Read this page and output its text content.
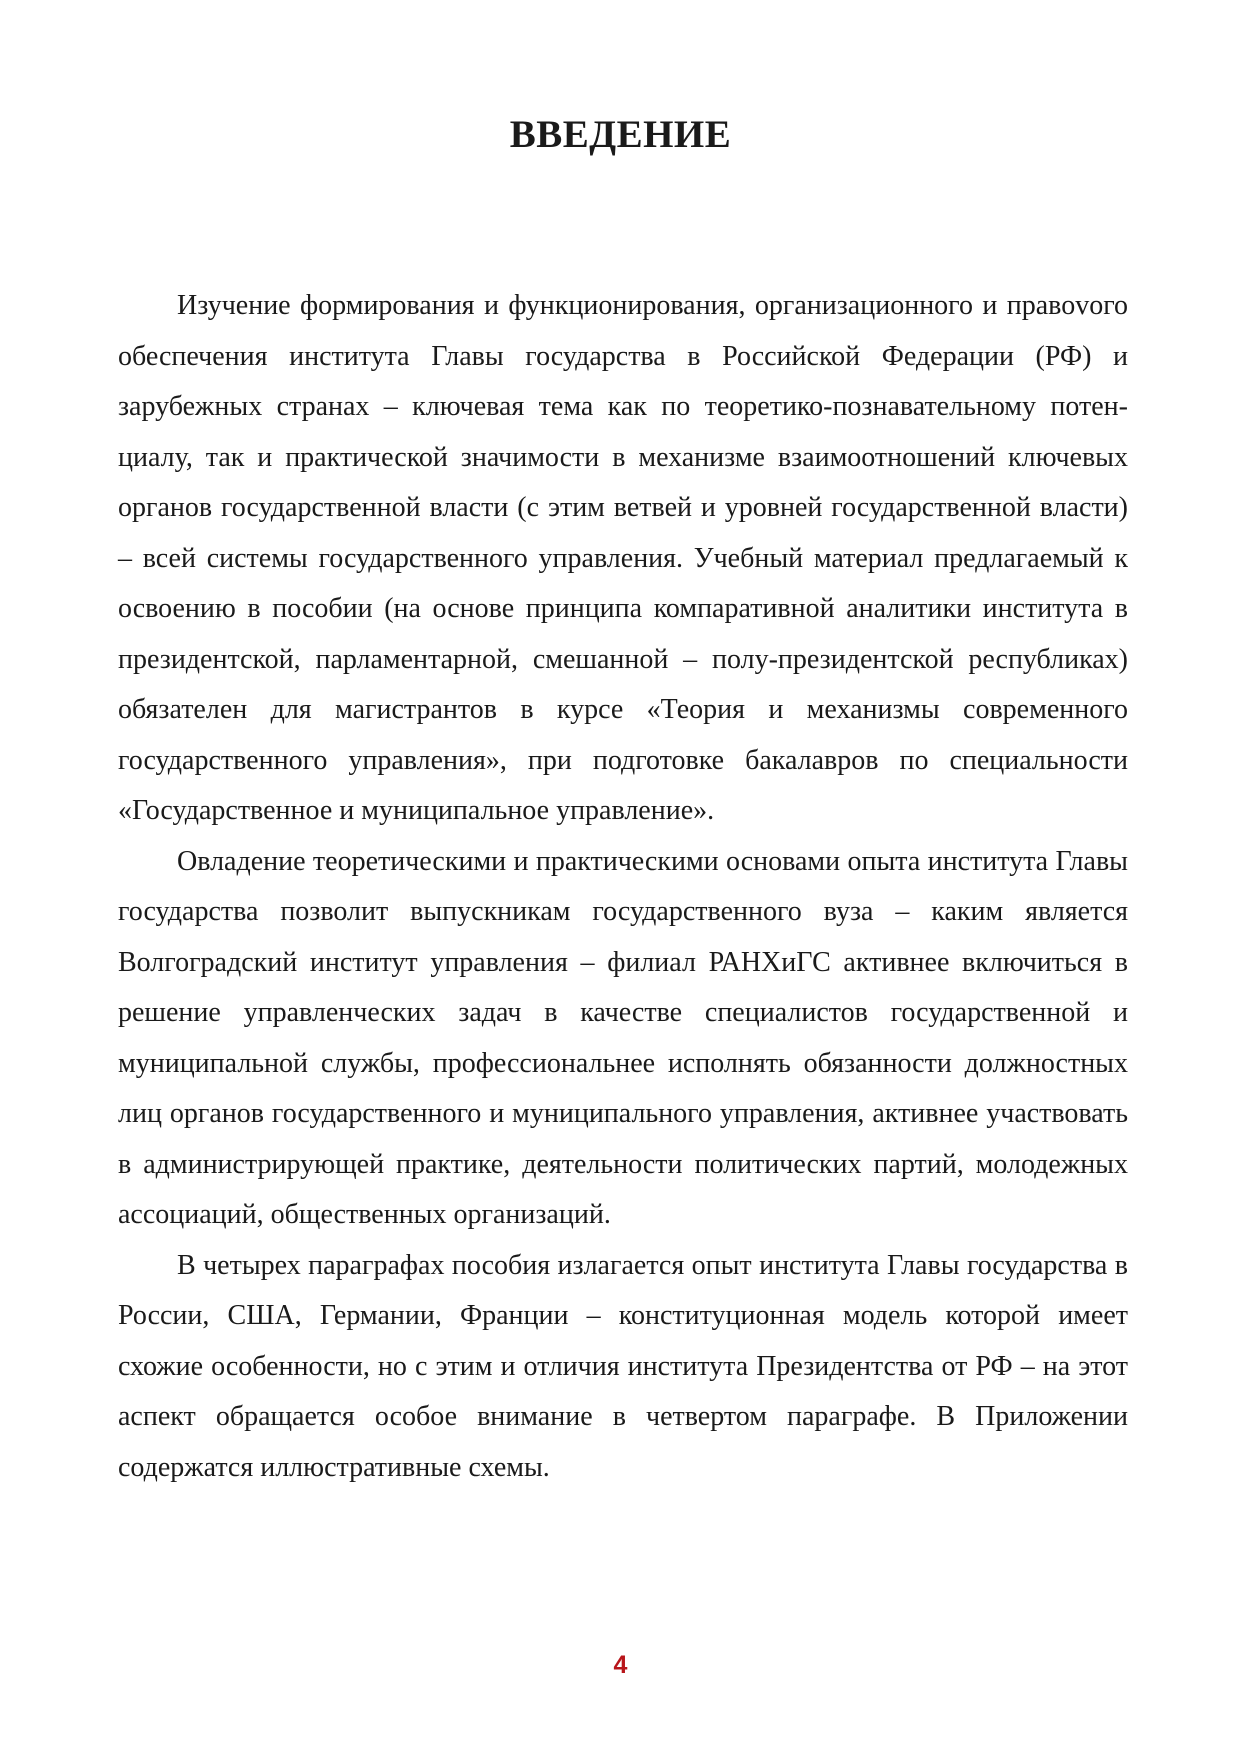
ВВЕДЕНИЕ

Изучение формирования и функционирования, организационного и правоvого обеспечения института Главы государства в Российской Федерации (РФ) и зарубежных странах – ключевая тема как по теоретико-познавательному потенциалу, так и практической значимости в механизме взаимоотношений ключевых органов государственной власти (с этим ветвей и уровней государственной власти) – всей системы государственного управления. Учебный материал предлагаемый к освоению в пособии (на основе принципа компаративной аналитики института в президентской, парламентарной, смешанной – полу-президентской республиках) обязателен для магистрантов в курсе «Теория и механизмы современного государственного управления», при подготовке бакалавров по специальности «Государственное и муниципальное управление».

Овладение теоретическими и практическими основами опыта института Главы государства позволит выпускникам государственного вуза – каким является Волгоградский институт управления – филиал РАНХиГС активнее включиться в решение управленческих задач в качестве специалистов государственной и муниципальной службы, профессиональнее исполнять обязанности должностных лиц органов государственного и муниципального управления, активнее участвовать в администрирующей практике, деятельности политических партий, молодежных ассоциаций, общественных организаций.

В четырех параграфах пособия излагается опыт института Главы государства в России, США, Германии, Франции – конституционная модель которой имеет схожие особенности, но с этим и отличия института Президентства от РФ – на этот аспект обращается особое внимание в четвертом параграфе. В Приложении содержатся иллюстративные схемы.

4
